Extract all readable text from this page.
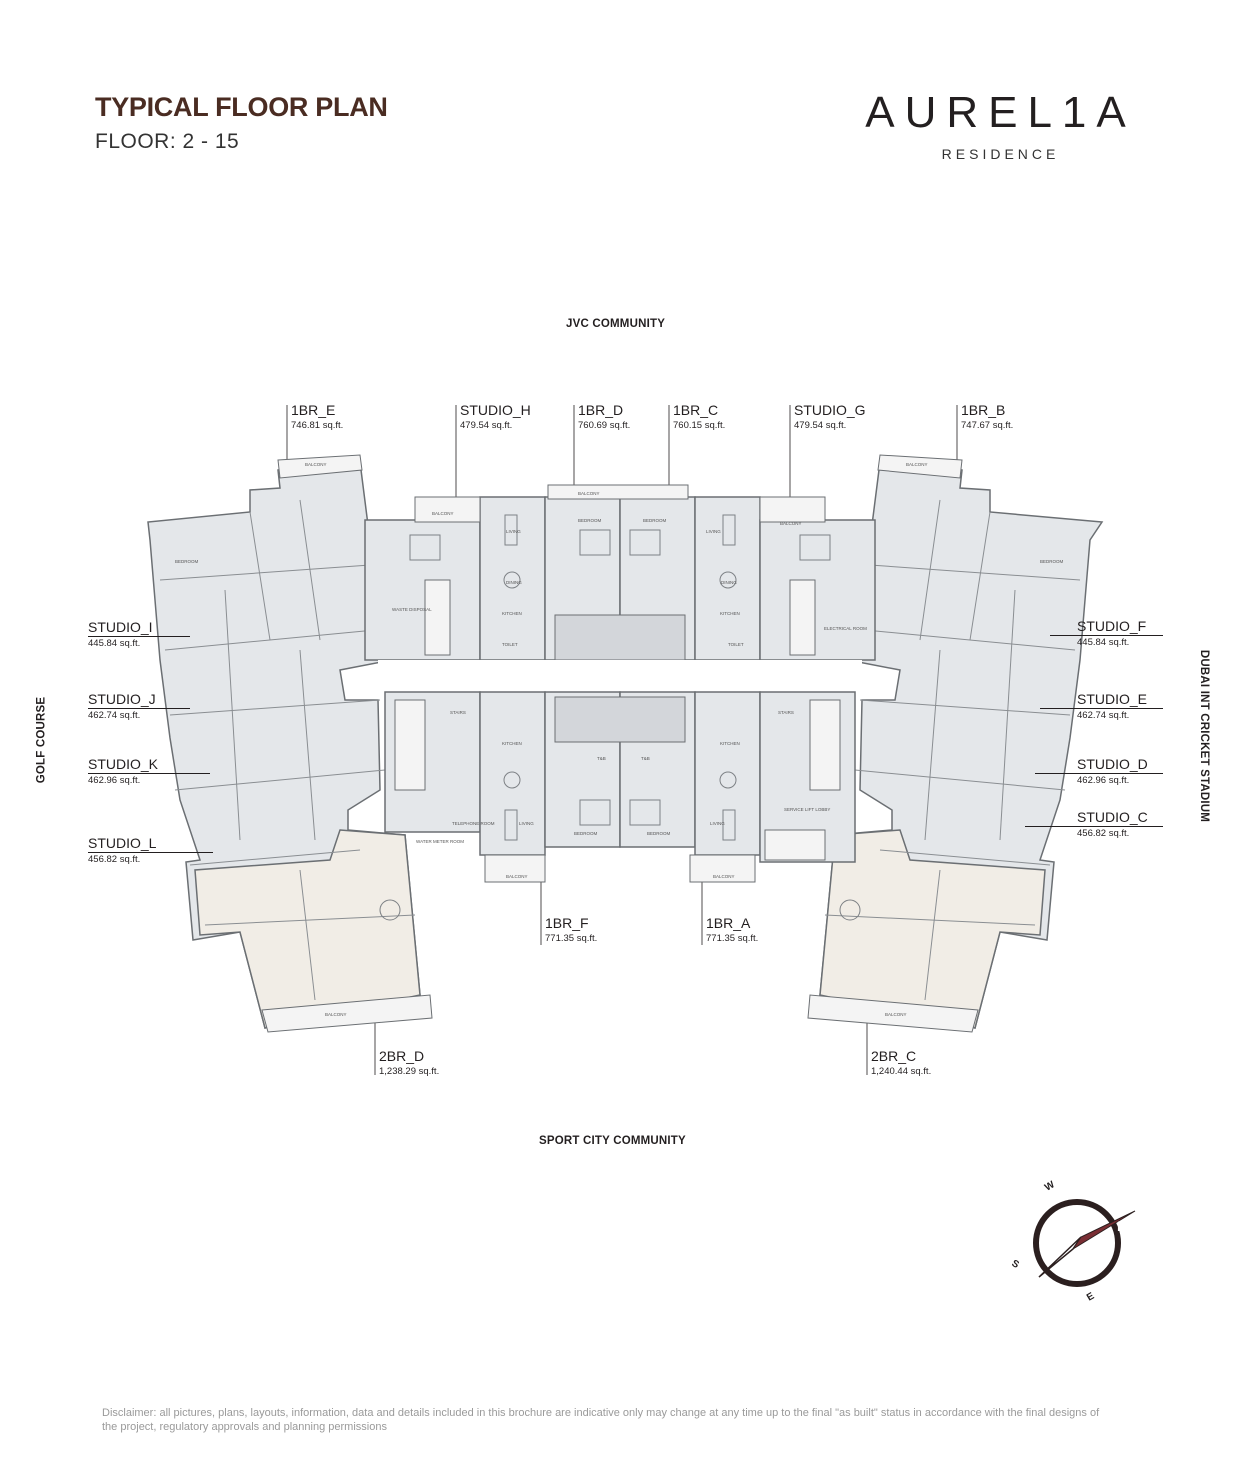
TYPICAL FLOOR PLAN
FLOOR: 2 - 15
AUREL1A
RESIDENCE
JVC COMMUNITY
SPORT CITY COMMUNITY
GOLF COURSE	DUBAI INT CRICKET STADIUM
BALCONY	BALCONY
BALCONY
BALCONY
BALCONY
BALCONY	BALCONY
BALCONY	BALCONY
BEDROOM	BEDROOM
BEDROOM	BEDROOM
BEDROOM	BEDROOM
LIVING	LIVING
LIVING	LIVING
DINING	DINING
KITCHEN	KITCHEN
KITCHEN	KITCHEN
TOILET	TOILET
T&B	T&B
STAIRS	STAIRS
SERVICE LIFT LOBBY
ELECTRICAL ROOM
TELEPHONE ROOM
WATER METER ROOM
WASTE DISPOSAL
W
N
S
E
1BR_E
746.81 sq.ft.
STUDIO_H
479.54 sq.ft.
1BR_D
760.69 sq.ft.
1BR_C
760.15 sq.ft.
STUDIO_G
479.54 sq.ft.
1BR_B
747.67 sq.ft.
STUDIO_I
445.84 sq.ft.
STUDIO_J
462.74 sq.ft.
STUDIO_K
462.96 sq.ft.
STUDIO_L
456.82 sq.ft.
STUDIO_F
445.84 sq.ft.
STUDIO_E
462.74 sq.ft.
STUDIO_D
462.96 sq.ft.
STUDIO_C
456.82 sq.ft.
1BR_F
771.35 sq.ft.
1BR_A
771.35 sq.ft.
2BR_D
1,238.29 sq.ft.
2BR_C
1,240.44 sq.ft.
Disclaimer: all pictures, plans, layouts, information, data and details included in this brochure are indicative only may change at any time up to the final "as built" status in accordance with the final designs of the project, regulatory approvals and planning permissions
